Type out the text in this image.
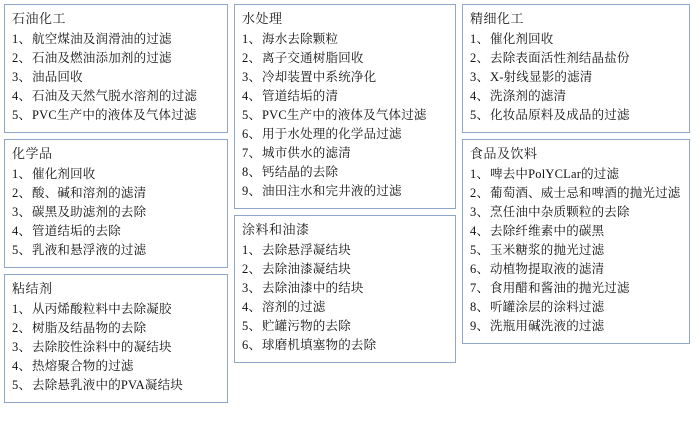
石油化工
1、航空煤油及润滑油的过滤
2、石油及燃油添加剂的过滤
3、油品回收
4、石油及天然气脱水溶剂的过滤
5、PVC生产中的液体及气体过滤
化学品
1、催化剂回收
2、酸、碱和溶剂的滤清
3、碳黑及助滤剂的去除
4、管道结垢的去除
5、乳液和悬浮液的过滤
粘结剂
1、从丙烯酸粒料中去除凝胶
2、树脂及结晶物的去除
3、去除胶性涂料中的凝结块
4、热熔聚合物的过滤
5、去除悬乳液中的PVA凝结块
水处理
1、海水去除颗粒
2、离子交通树脂回收
3、冷却装置中系统净化
4、管道结垢的清
5、PVC生产中的液体及气体过滤
6、用于水处理的化学品过滤
7、城市供水的滤清
8、钙结晶的去除
9、油田注水和完井液的过滤
涂料和油漆
1、去除悬浮凝结块
2、去除油漆凝结块
3、去除油漆中的结块
4、溶剂的过滤
5、贮罐污物的去除
6、球磨机填塞物的去除
精细化工
1、催化剂回收
2、去除表面活性剂结晶盐份
3、X-射线显影的滤清
4、洗涤剂的滤清
5、化妆品原料及成品的过滤
食品及饮料
1、啤去中PolYCLar的过滤
2、葡萄酒、威士忌和啤酒的抛光过滤
3、烹任油中杂质颗粒的去除
4、去除纤维素中的碳黑
5、玉米糖浆的抛光过滤
6、动植物提取液的滤清
7、食用醋和酱油的抛光过滤
8、听罐涂层的涂料过滤
9、洗瓶用碱洗液的过滤
